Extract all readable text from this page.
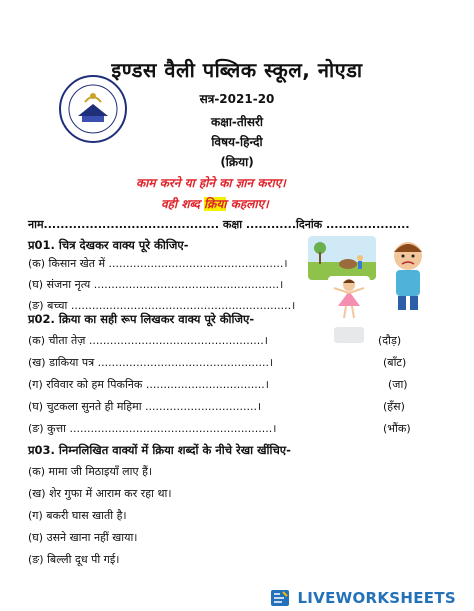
इण्डस वैली पब्लिक स्कूल, नोएडा
सत्र-2021-20
कक्षा-तीसरी
विषय-हिन्दी
(क्रिया)
काम करने या होने का ज्ञान कराए।
वही शब्द क्रिया कहलाए।
नाम.......................................... कक्षा ............दिनांक ....................
प्र01. चित्र देखकर वाक्य पूरे कीजिए-
(क) किसान खेत में ..................................................।
(घ) संजना नृत्य .....................................................।
(ङ) बच्चा ...............................................................।
प्र02. क्रिया का सही रूप लिखकर वाक्य पूरे कीजिए-
(क) चीता तेज़ ..................................................।	(दौड़)
(ख) डाकिया पत्र .................................................।	(बाँट)
(ग) रविवार को हम पिकनिक ..................................।	(जा)
(घ) चुटकला सुनते ही महिमा ................................।	(हँस)
(ङ) कुत्ता ..........................................................।	(भौंक)
प्र03. निम्नलिखित वाक्यों में क्रिया शब्दों के नीचे रेखा खींचिए-
(क) मामा जी मिठाइयाँ लाए हैं।
(ख) शेर गुफा में आराम कर रहा था।
(ग) बकरी घास खाती है।
(घ) उसने खाना नहीं खाया।
(ङ) बिल्ली दूध पी गई।
LIVEWORKSHEETS
